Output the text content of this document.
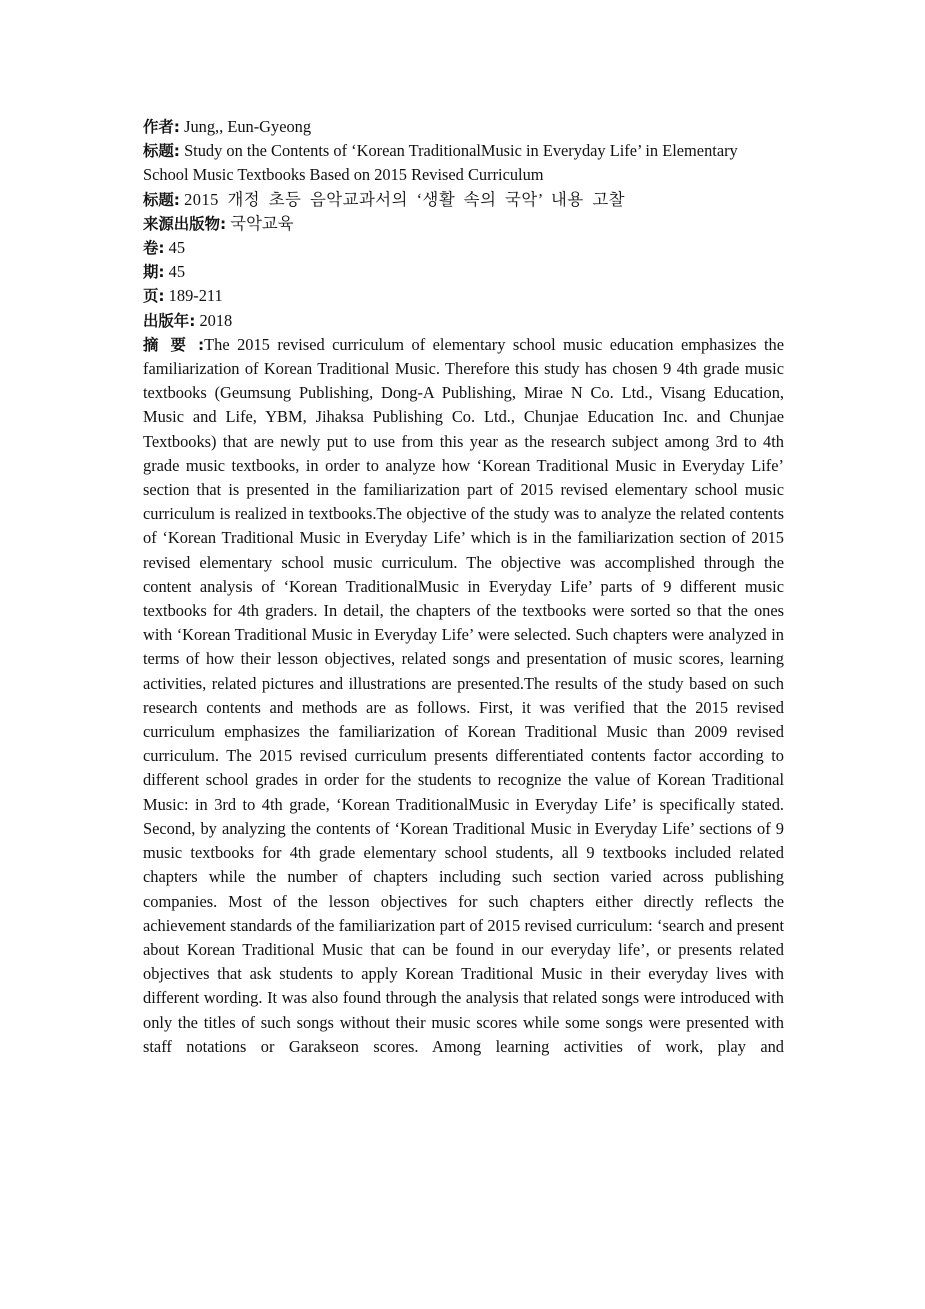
作者: Jung,, Eun-Gyeong

标题: Study on the Contents of ‘Korean TraditionalMusic in Everyday Life’ in Elementary School Music Textbooks Based on 2015 Revised Curriculum

标题: 2015 개정 초등 음악교과서의 ‘생활 속의 국악’ 내용 고찰

来源出版物: 국악교육

卷: 45

期: 45

页: 189-211

出版年: 2018

摘 要 :The 2015 revised curriculum of elementary school music education emphasizes the familiarization of Korean Traditional Music. Therefore this study has chosen 9 4th grade music textbooks (Geumsung Publishing, Dong-A Publishing, Mirae N Co. Ltd., Visang Education, Music and Life, YBM, Jihaksa Publishing Co. Ltd., Chunjae Education Inc. and Chunjae Textbooks) that are newly put to use from this year as the research subject among 3rd to 4th grade music textbooks, in order to analyze how ‘Korean Traditional Music in Everyday Life’ section that is presented in the familiarization part of 2015 revised elementary school music curriculum is realized in textbooks.The objective of the study was to analyze the related contents of ‘Korean Traditional Music in Everyday Life’ which is in the familiarization section of 2015 revised elementary school music curriculum. The objective was accomplished through the content analysis of ‘Korean TraditionalMusic in Everyday Life’ parts of 9 different music textbooks for 4th graders. In detail, the chapters of the textbooks were sorted so that the ones with ‘Korean Traditional Music in Everyday Life’ were selected. Such chapters were analyzed in terms of how their lesson objectives, related songs and presentation of music scores, learning activities, related pictures and illustrations are presented.The results of the study based on such research contents and methods are as follows. First, it was verified that the 2015 revised curriculum emphasizes the familiarization of Korean Traditional Music than 2009 revised curriculum. The 2015 revised curriculum presents differentiated contents factor according to different school grades in order for the students to recognize the value of Korean Traditional Music: in 3rd to 4th grade, ‘Korean TraditionalMusic in Everyday Life’ is specifically stated. Second, by analyzing the contents of ‘Korean Traditional Music in Everyday Life’ sections of 9 music textbooks for 4th grade elementary school students, all 9 textbooks included related chapters while the number of chapters including such section varied across publishing companies. Most of the lesson objectives for such chapters either directly reflects the achievement standards of the familiarization part of 2015 revised curriculum: ‘search and present about Korean Traditional Music that can be found in our everyday life’, or presents related objectives that ask students to apply Korean Traditional Music in their everyday lives with different wording. It was also found through the analysis that related songs were introduced with only the titles of such songs without their music scores while some songs were presented with staff notations or Garakseon scores. Among learning activities of work, play and
